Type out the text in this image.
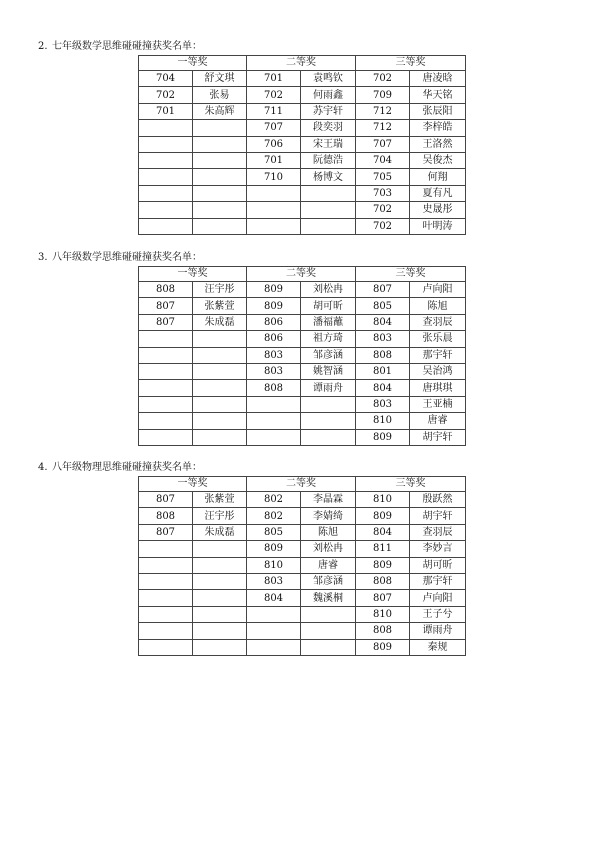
2. 七年级数学思维碰碰撞获奖名单：
一等奖		二等奖		三等奖	
704	舒文琪	701	袁鸣钦	702	唐凌晗
702	张易	702	何雨鑫	709	华天铭
701	朱高辉	711	苏宇轩	712	张辰阳
		707	段奕羽	712	李梓皓
		706	宋王瑞	707	王洛然
		701	阮德浩	704	吴俊杰
		710	杨博文	705	何翔
				703	夏有凡
				702	史晟彤
				702	叶明涛
3. 八年级数学思维碰碰撞获奖名单：
一等奖		二等奖		三等奖	
808	汪宇彤	809	刘松冉	807	卢向阳
807	张紫萱	809	胡可昕	805	陈旭
807	朱成磊	806	潘福蘸	804	查羽辰
		806	祖方琦	803	张乐晨
		803	邹彦涵	808	那宇轩
		803	姚智涵	801	吴治鸿
		808	谭雨舟	804	唐琪琪
				803	王亚楠
				810	唐睿
				809	胡宇轩
4. 八年级物理思维碰碰撞获奖名单：
一等奖		二等奖		三等奖	
807	张紫萱	802	李晶霖	810	殷跃然
808	汪宇彤	802	李婧绮	809	胡宇轩
807	朱成磊	805	陈旭	804	查羽辰
		809	刘松冉	811	李妙言
		810	唐睿	809	胡可昕
		803	邹彦涵	808	那宇轩
		804	魏溪桐	807	卢向阳
				810	王子兮
				808	谭雨舟
				809	秦规
